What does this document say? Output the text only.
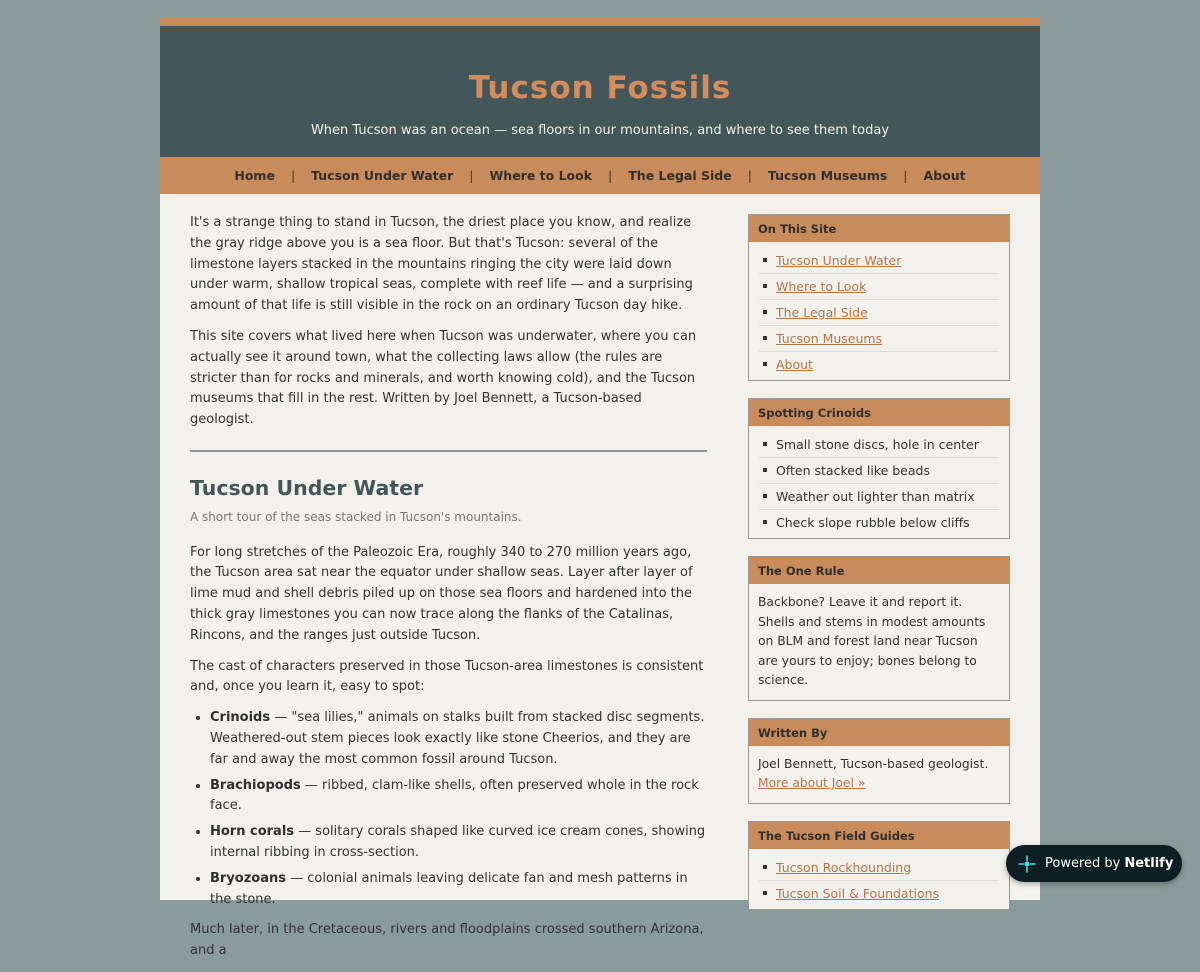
Tucson Fossils
When Tucson was an ocean — sea floors in our mountains, and where to see them today
Home | Tucson Under Water | Where to Look | The Legal Side | Tucson Museums | About

It's a strange thing to stand in Tucson, the driest place you know, and realize the gray ridge above you is a sea floor. But that's Tucson: several of the limestone layers stacked in the mountains ringing the city were laid down under warm, shallow tropical seas, complete with reef life — and a surprising amount of that life is still visible in the rock on an ordinary Tucson day hike.

This site covers what lived here when Tucson was underwater, where you can actually see it around town, what the collecting laws allow (the rules are stricter than for rocks and minerals, and worth knowing cold), and the Tucson museums that fill in the rest. Written by Joel Bennett, a Tucson-based geologist.

Tucson Under Water
A short tour of the seas stacked in Tucson's mountains.

For long stretches of the Paleozoic Era, roughly 340 to 270 million years ago, the Tucson area sat near the equator under shallow seas. Layer after layer of lime mud and shell debris piled up on those sea floors and hardened into the thick gray limestones you can now trace along the flanks of the Catalinas, Rincons, and the ranges just outside Tucson.

The cast of characters preserved in those Tucson-area limestones is consistent and, once you learn it, easy to spot:

• Crinoids — "sea lilies," animals on stalks built from stacked disc segments. Weathered-out stem pieces look exactly like stone Cheerios, and they are far and away the most common fossil around Tucson.
• Brachiopods — ribbed, clam-like shells, often preserved whole in the rock face.
• Horn corals — solitary corals shaped like curved ice cream cones, showing internal ribbing in cross-section.
• Bryozoans — colonial animals leaving delicate fan and mesh patterns in the stone.

Much later, in the Cretaceous, rivers and floodplains crossed southern Arizona, and a

On This Site
Tucson Under Water
Where to Look
The Legal Side
Tucson Museums
About
Spotting Crinoids
Small stone discs, hole in center
Often stacked like beads
Weather out lighter than matrix
Check slope rubble below cliffs
The One Rule
Backbone? Leave it and report it. Shells and stems in modest amounts on BLM and forest land near Tucson are yours to enjoy; bones belong to science.
Written By
Joel Bennett, Tucson-based geologist.
More about Joel »
The Tucson Field Guides
Tucson Rockhounding
Tucson Soil & Foundations
Powered by Netlify
